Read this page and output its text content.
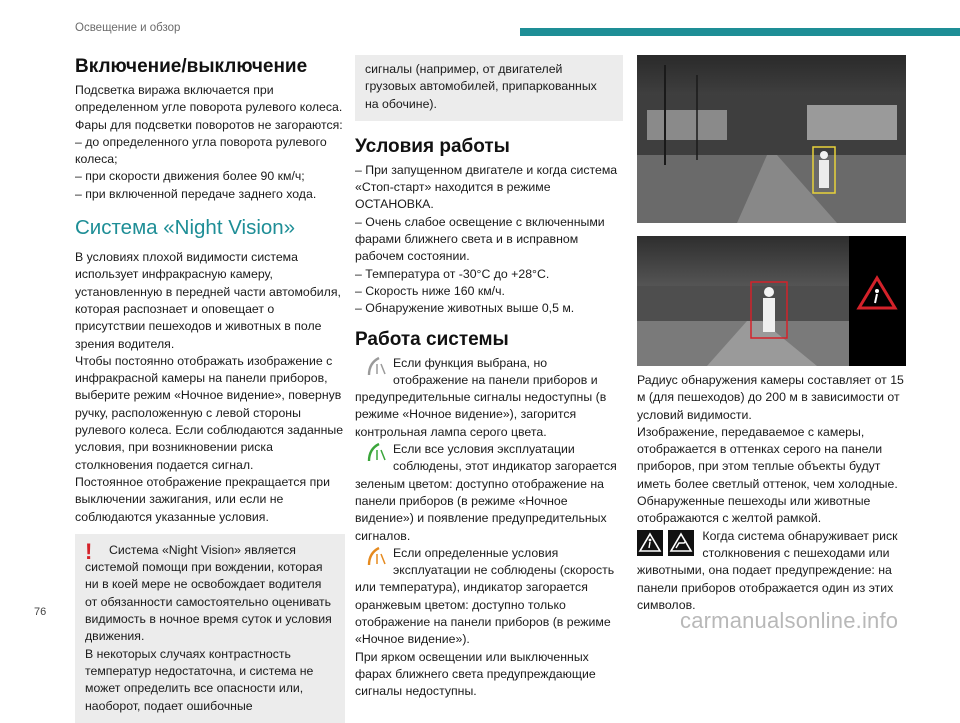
Освещение и обзор
Включение/выключение

Подсветка виража включается при определенном угле поворота рулевого колеса.

Фары для подсветки поворотов не загораются:

– до определенного угла поворота рулевого колеса;

– при скорости движения более 90 км/ч;

– при включенной передаче заднего хода.

Система «Night Vision»

В условиях плохой видимости система использует инфракрасную камеру, установленную в передней части автомобиля, которая распознает и оповещает о присутствии пешеходов и животных в поле зрения водителя.

Чтобы постоянно отображать изображение с инфракрасной камеры на панели приборов, выберите режим «Ночное видение», повернув ручку, расположенную с левой стороны рулевого колеса. Если соблюдаются заданные условия, при возникновении риска столкновения подается сигнал.

Постоянное отображение прекращается при выключении зажигания, или если не соблюдаются указанные условия.

!	Система «Night Vision» является системой помощи при вождении, которая ни в коей мере не освобождает водителя от обязанности самостоятельно оценивать видимость в ночное время суток и условия движения.

В некоторых случаях контрастность температур недостаточна, и система не может определить все опасности или, наоборот, подает ошибочные

сигналы (например, от двигателей грузовых автомобилей, припаркованных на обочине).

Условия работы

– При запущенном двигателе и когда система «Стоп-старт» находится в режиме ОСТАНОВКА.

– Очень слабое освещение с включенными фарами ближнего света и в исправном рабочем состоянии.

– Температура от -30°C до +28°C.

– Скорость ниже 160 км/ч.

– Обнаружение животных выше 0,5 м.

Работа системы

Если функция выбрана, но отображение на панели приборов и предупредительные сигналы недоступны (в режиме «Ночное видение»), загорится контрольная лампа серого цвета.

Если все условия эксплуатации соблюдены, этот индикатор загорается зеленым цветом: доступно отображение на панели приборов (в режиме «Ночное видение») и появление предупредительных сигналов.

Если определенные условия эксплуатации не соблюдены (скорость или температура), индикатор загорается оранжевым цветом: доступно только отображение на панели приборов (в режиме «Ночное видение»).

При ярком освещении или выключенных фарах ближнего света предупреждающие сигналы недоступны.

Радиус обнаружения камеры составляет от 15 м (для пешеходов) до 200 м в зависимости от условий видимости.

Изображение, передаваемое с камеры, отображается в оттенках серого на панели приборов, при этом теплые объекты будут иметь более светлый оттенок, чем холодные.

Обнаруженные пешеходы или животные отображаются с желтой рамкой.

Когда система обнаруживает риск столкновения с пешеходами или животными, она подает предупреждение: на панели приборов отображается один из этих символов.

76	carmanualsonline.info
